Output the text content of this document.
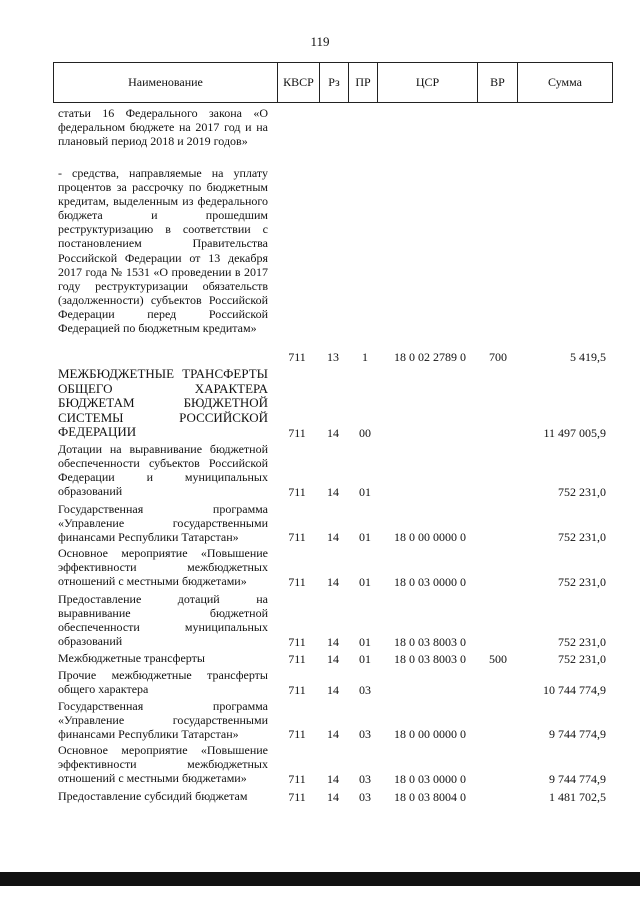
119
Наименование	КВСР	Рз	ПР	ЦСР	ВР	Сумма
статьи 16 Федерального закона «О федеральном бюджете на 2017 год и на плановый период 2018 и 2019 годов»
- средства, направляемые на уплату процентов за рассрочку по бюджетным кредитам, выделенным из федерального бюджета и прошедшим реструктуризацию в соответствии с постановлением Правительства Российской Федерации от 13 декабря 2017 года № 1531 «О проведении в 2017 году реструктуризации обязательств (задолженности) субъектов Российской Федерации перед Российской Федерацией по бюджетным кредитам»
711	13	1	18 0 02 2789 0	700	5 419,5
МЕЖБЮДЖЕТНЫЕ ТРАНСФЕРТЫ ОБЩЕГО ХАРАКТЕРА БЮДЖЕТАМ БЮДЖЕТНОЙ СИСТЕМЫ РОССИЙСКОЙ ФЕДЕРАЦИИ	711	14	00	11 497 005,9
Дотации на выравнивание бюджетной обеспеченности субъектов Российской Федерации и муниципальных образований	711	14	01	752 231,0
Государственная программа «Управление государственными финансами Республики Татарстан»	711	14	01	18 0 00 0000 0	752 231,0
Основное мероприятие «Повышение эффективности межбюджетных отношений с местными бюджетами»	711	14	01	18 0 03 0000 0	752 231,0
Предоставление дотаций на выравнивание бюджетной обеспеченности муниципальных образований	711	14	01	18 0 03 8003 0	752 231,0
Межбюджетные трансферты	711	14	01	18 0 03 8003 0	500	752 231,0
Прочие межбюджетные трансферты общего характера	711	14	03	10 744 774,9
Государственная программа «Управление государственными финансами Республики Татарстан»	711	14	03	18 0 00 0000 0	9 744 774,9
Основное мероприятие «Повышение эффективности межбюджетных отношений с местными бюджетами»	711	14	03	18 0 03 0000 0	9 744 774,9
Предоставление субсидий бюджетам	711	14	03	18 0 03 8004 0	1 481 702,5
